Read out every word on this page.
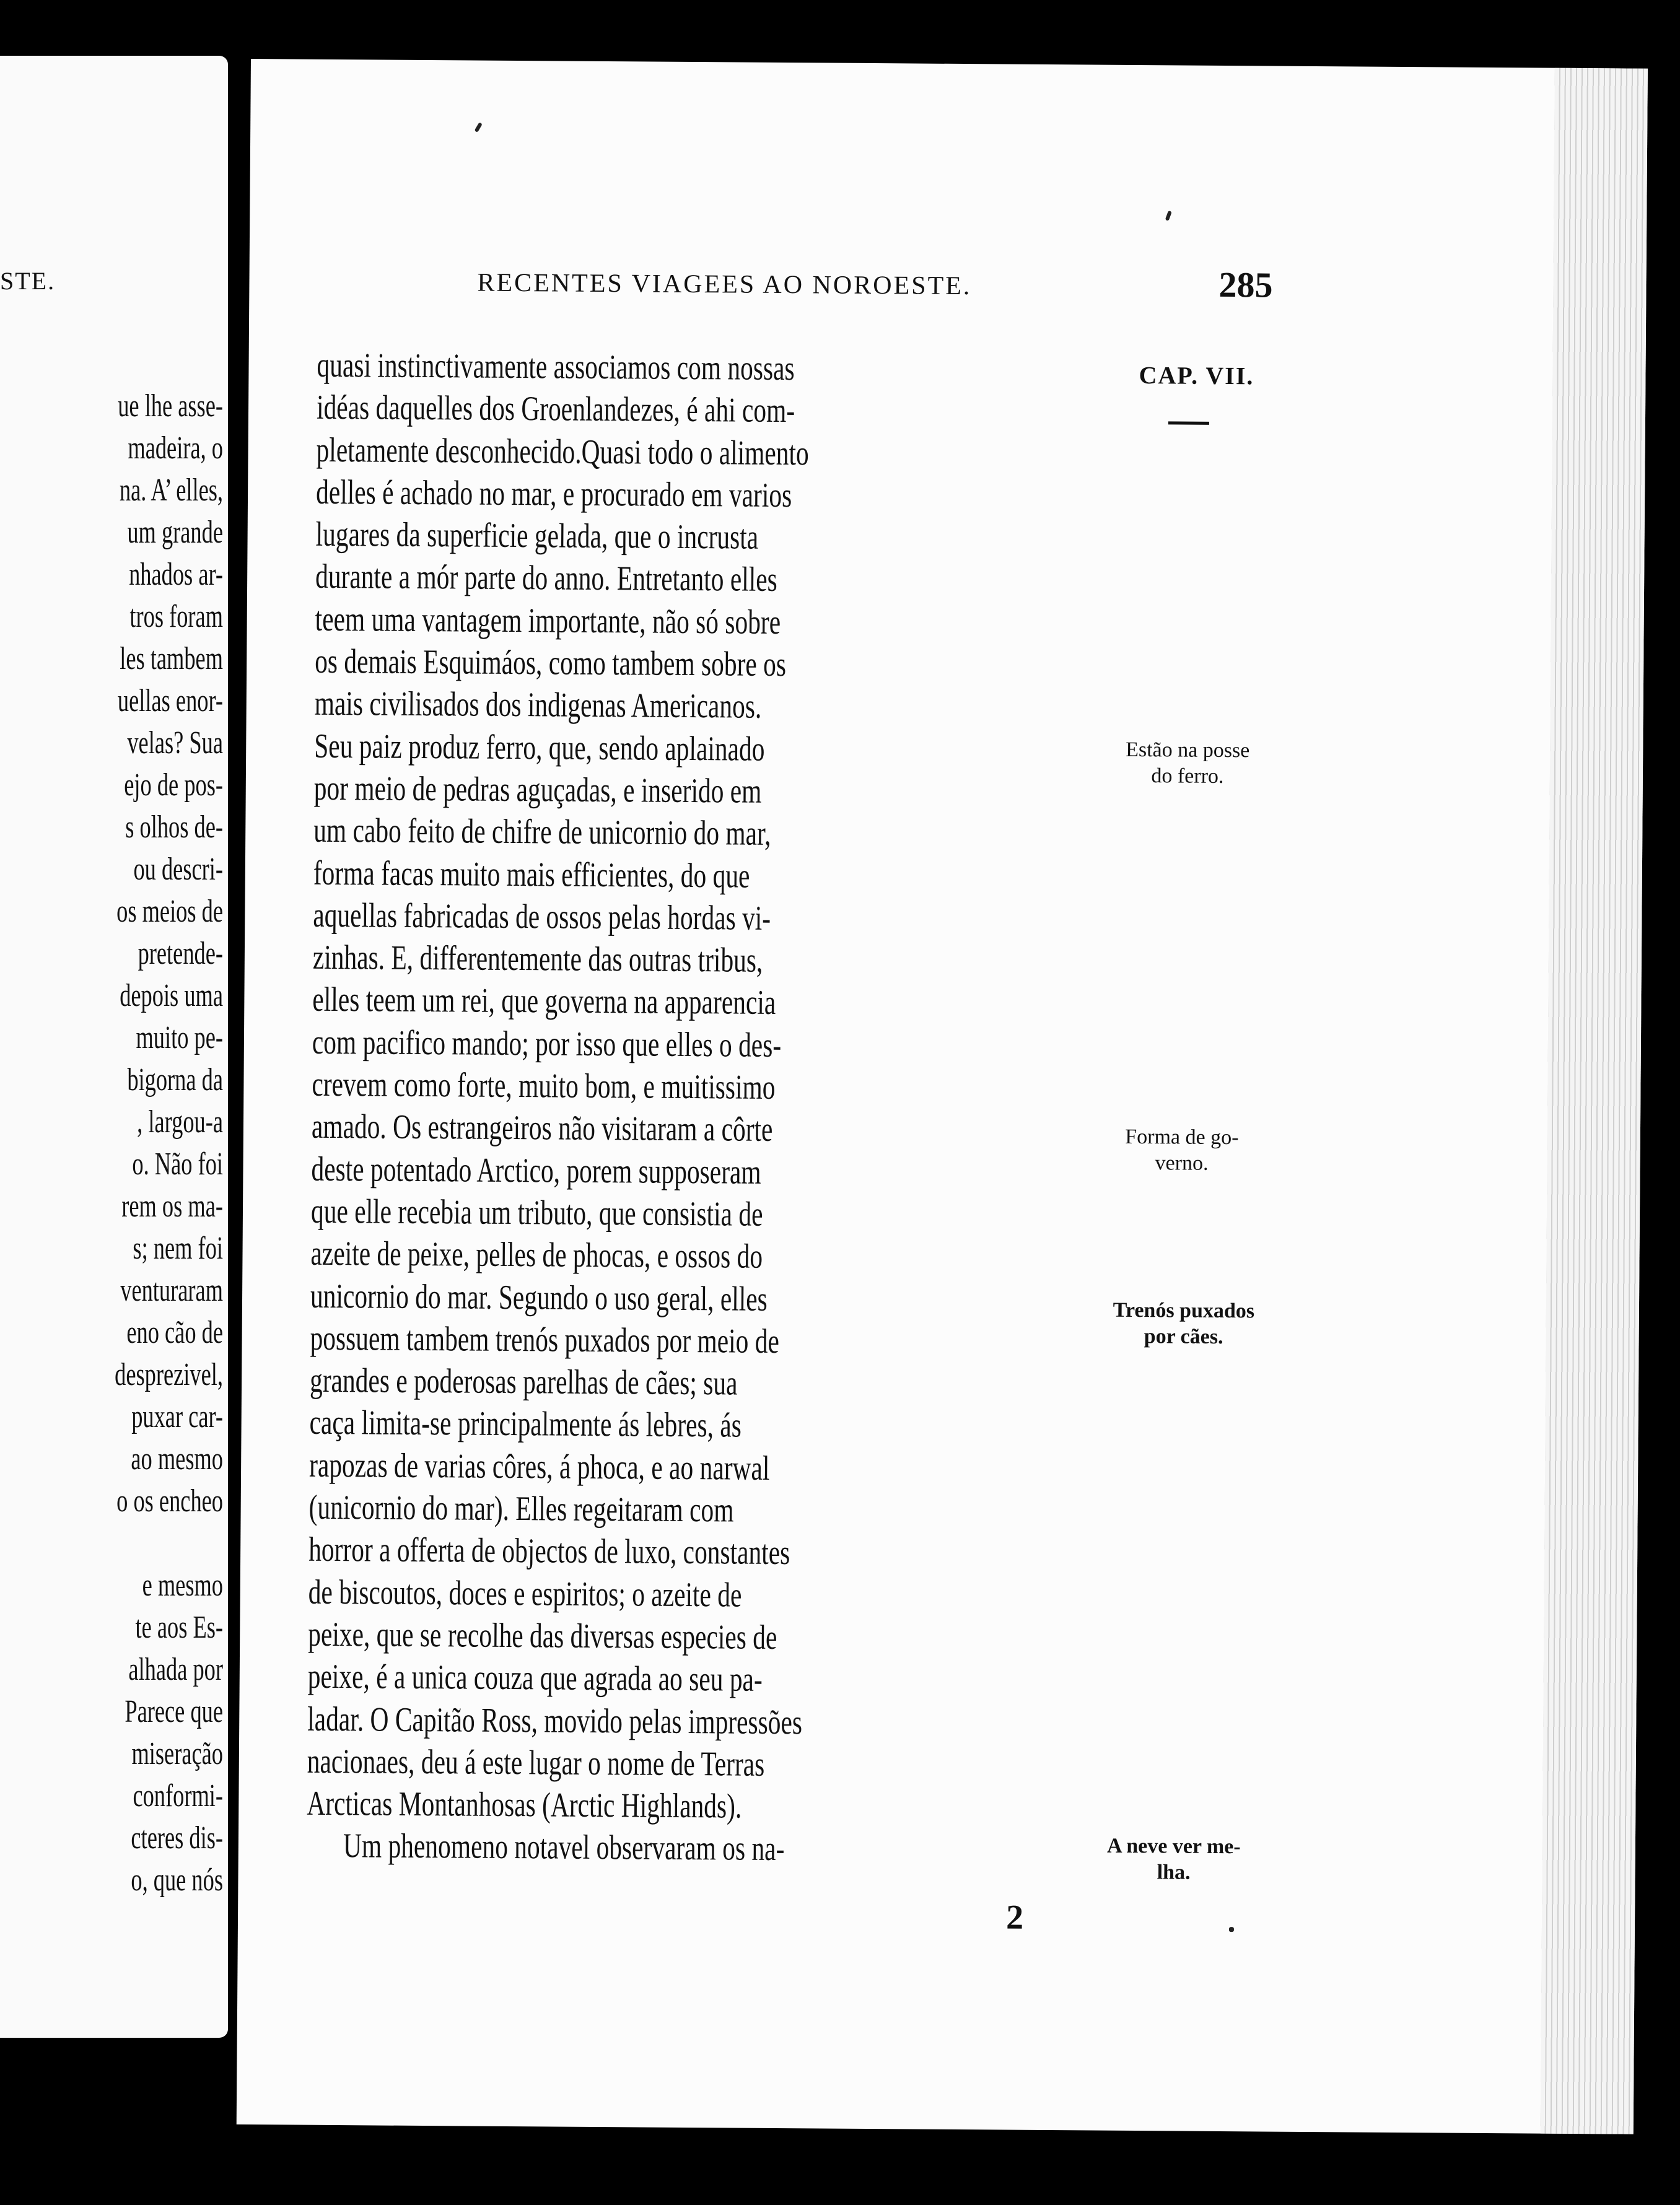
STE.
ue lhe asse-
madeira, o
na. A’ elles,
um grande
nhados ar-
tros foram
les tambem
uellas enor-
velas? Sua
ejo de pos-
s olhos de-
ou descri-
os meios de
pretende-
depois uma
muito pe-
bigorna da
, largou-a
o. Não foi
rem os ma-
s; nem foi
venturaram
eno cão de
desprezivel,
puxar car-
ao mesmo
o os encheo
e mesmo
te aos Es-
alhada por
Parece que
miseração
conformi-
cteres dis-
o, que nós
RECENTES VIAGEES AO NOROESTE.	285
quasi instinctivamente associamos com nossas
idéas daquelles dos Groenlandezes, é ahi com-
pletamente desconhecido.Quasi todo o alimento
delles é achado no mar, e procurado em varios
lugares da superficie gelada, que o incrusta
durante a mór parte do anno. Entretanto elles
teem uma vantagem importante, não só sobre
os demais Esquimáos, como tambem sobre os
mais civilisados dos indigenas Americanos.
Seu paiz produz ferro, que, sendo aplainado
por meio de pedras aguçadas, e inserido em
um cabo feito de chifre de unicornio do mar,
forma facas muito mais efficientes, do que
aquellas fabricadas de ossos pelas hordas vi-
zinhas. E, differentemente das outras tribus,
elles teem um rei, que governa na apparencia
com pacifico mando; por isso que elles o des-
crevem como forte, muito bom, e muitissimo
amado. Os estrangeiros não visitaram a côrte
deste potentado Arctico, porem supposeram
que elle recebia um tributo, que consistia de
azeite de peixe, pelles de phocas, e ossos do
unicornio do mar. Segundo o uso geral, elles
possuem tambem trenós puxados por meio de
grandes e poderosas parelhas de cães; sua
caça limita-se principalmente ás lebres, ás
rapozas de varias côres, á phoca, e ao narwal
(unicornio do mar). Elles regeitaram com
horror a offerta de objectos de luxo, constantes
de biscoutos, doces e espiritos; o azeite de
peixe, que se recolhe das diversas especies de
peixe, é a unica couza que agrada ao seu pa-
ladar. O Capitão Ross, movido pelas impressões
nacionaes, deu á este lugar o nome de Terras
Arcticas Montanhosas (Arctic Highlands).
Um phenomeno notavel observaram os na-
CAP. VII.
Estão na posse
do ferro.
Forma de go-
verno.
Trenós puxados
por cães.
A neve ver me-
lha.
2
